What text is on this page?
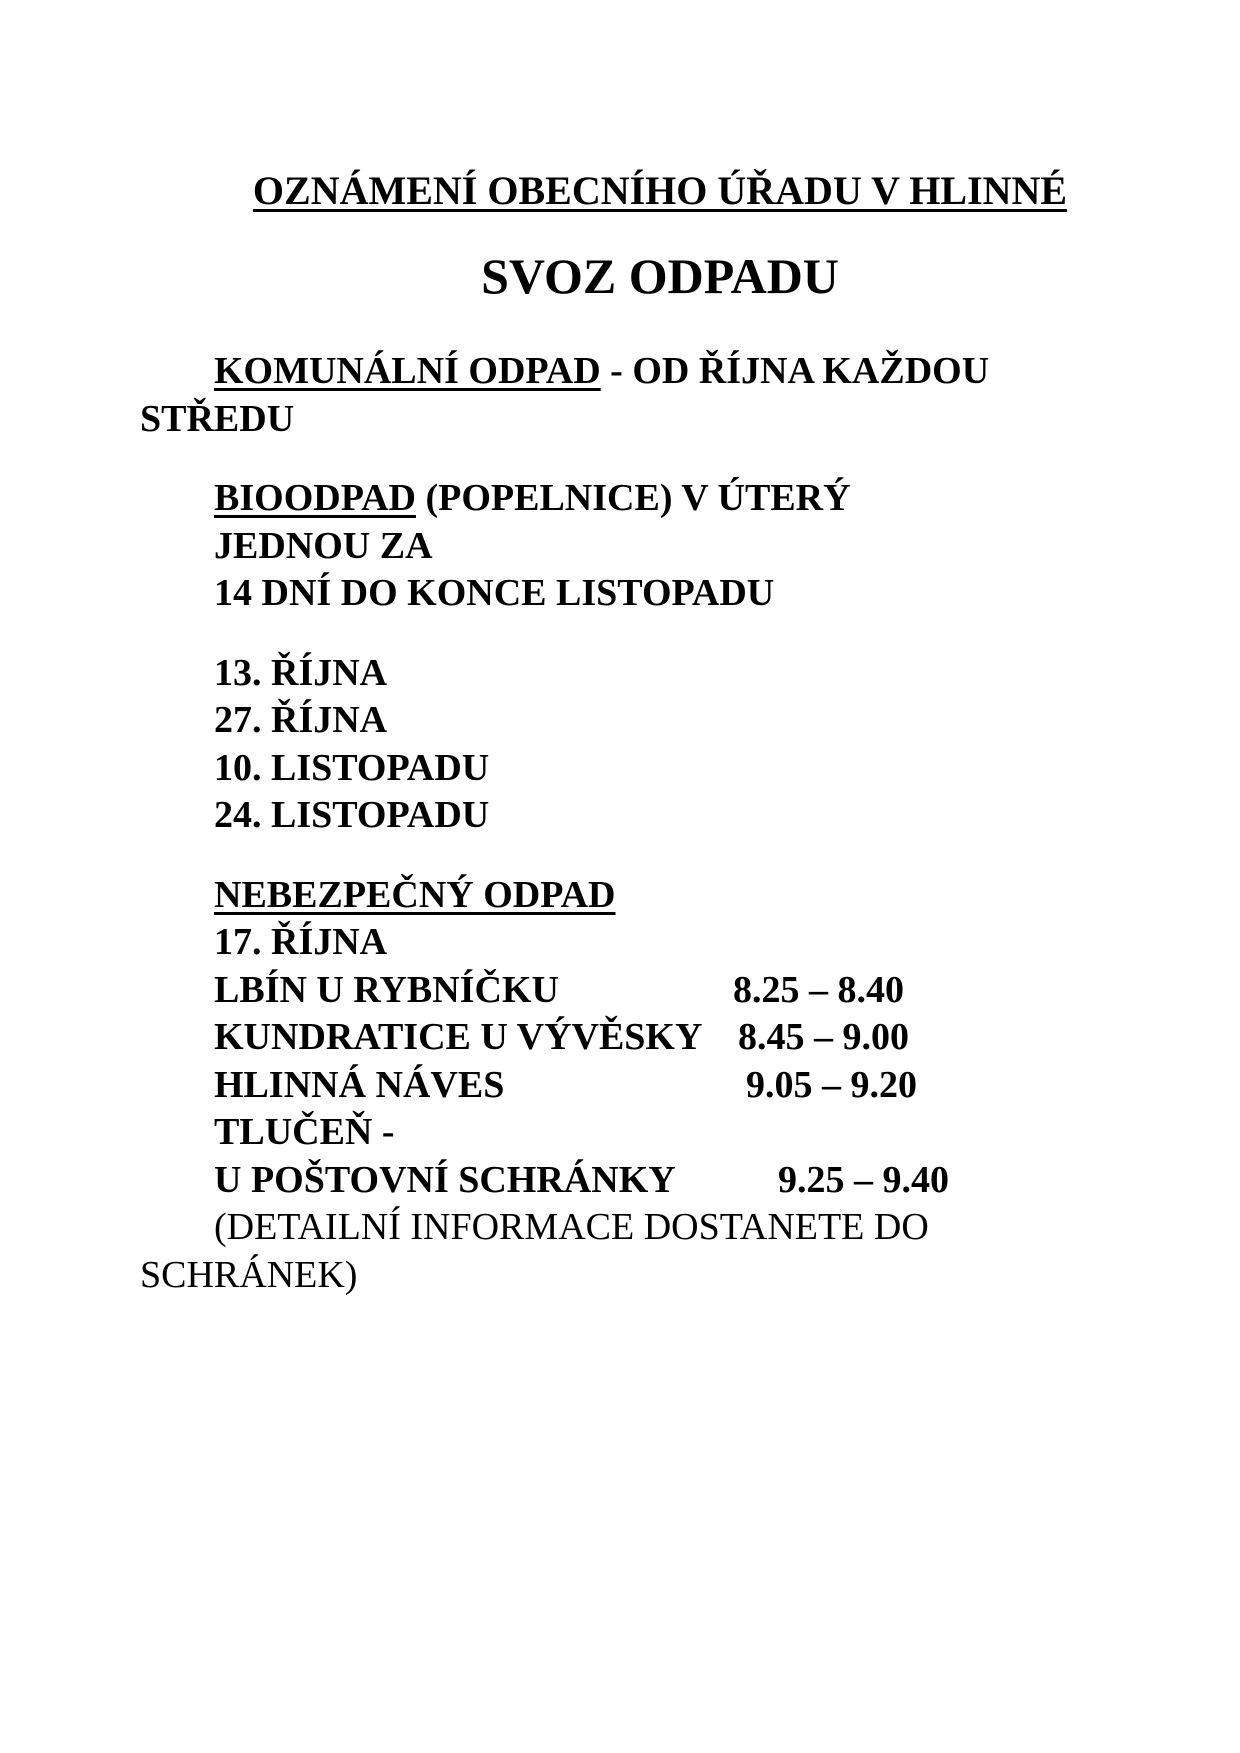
OZNÁMENÍ OBECNÍHO ÚŘADU V HLINNÉ

SVOZ ODPADU

KOMUNÁLNÍ ODPAD - OD ŘÍJNA KAŽDOU

STŘEDU

BIOODPAD (POPELNICE) V ÚTERÝ

JEDNOU ZA

14 DNÍ DO KONCE LISTOPADU

13. ŘÍJNA

27. ŘÍJNA

10. LISTOPADU

24. LISTOPADU

NEBEZPEČNÝ ODPAD

17. ŘÍJNA

LBÍN U RYBNÍČKU	8.25 – 8.40

KUNDRATICE U VÝVĚSKY 8.45 – 9.00

HLINNÁ NÁVES	9.05 – 9.20

TLUČEŇ -

U POŠTOVNÍ SCHRÁNKY	9.25 – 9.40

(DETAILNÍ INFORMACE DOSTANETE DO

SCHRÁNEK)
